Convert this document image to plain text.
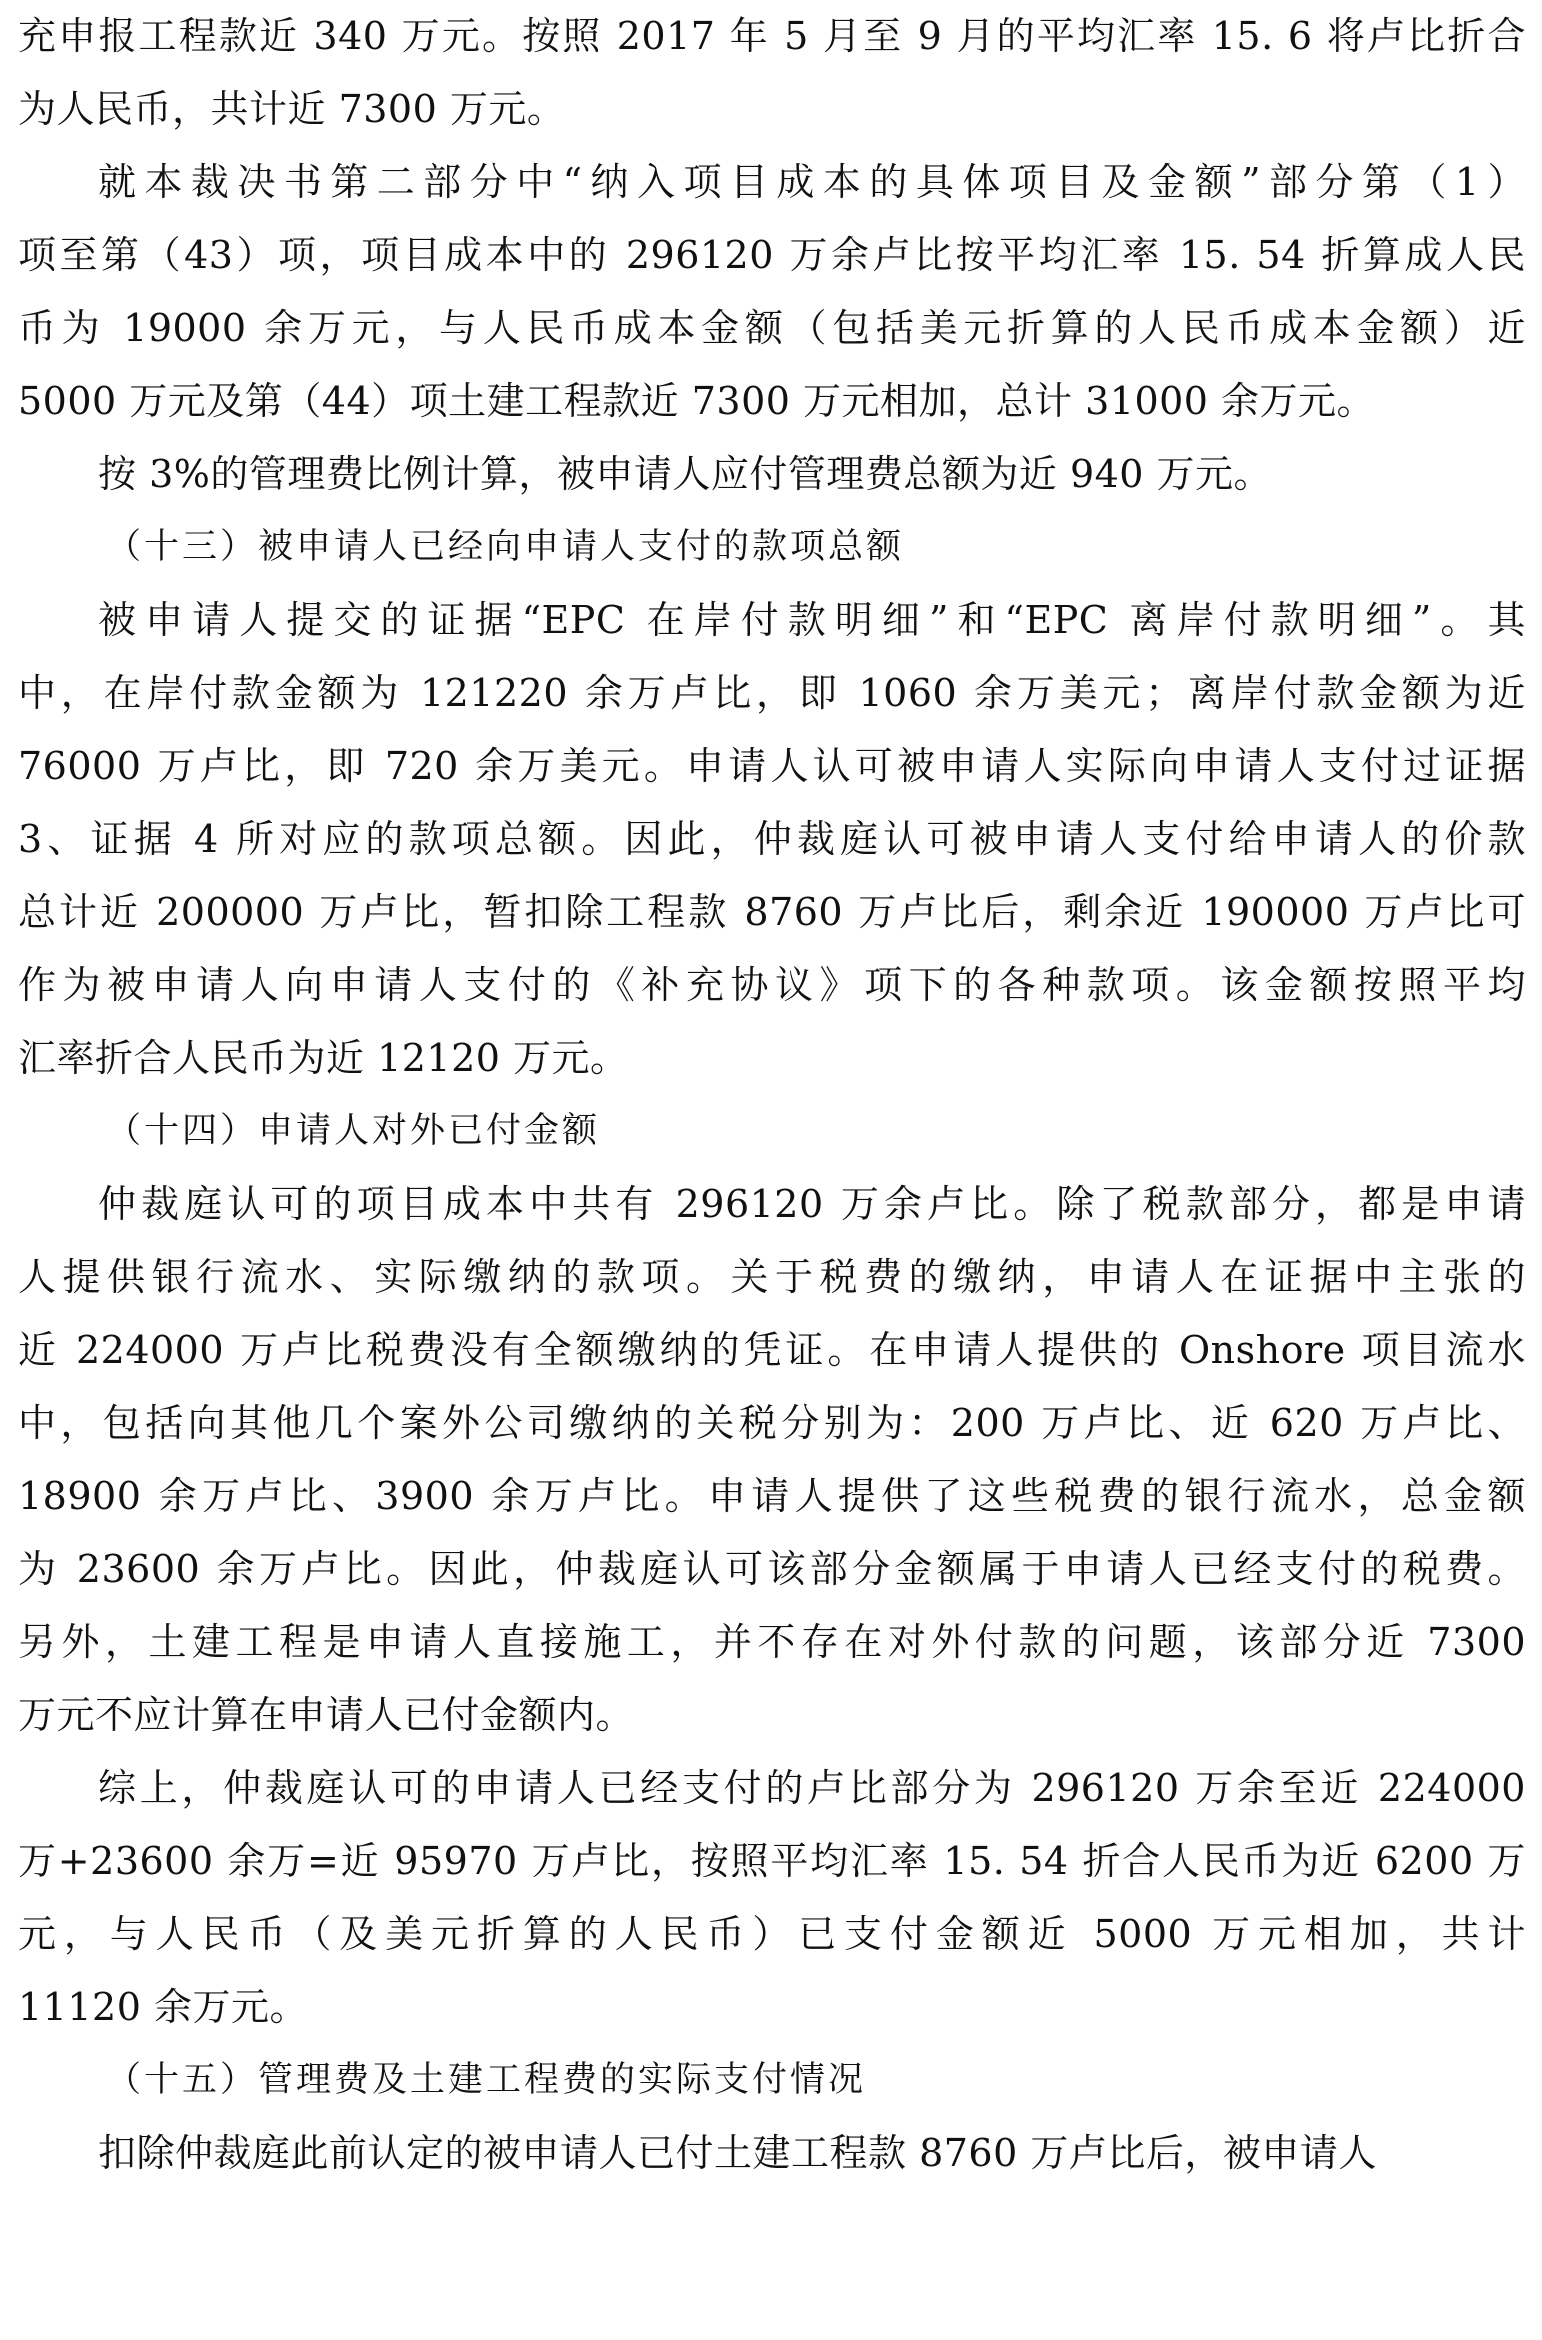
充申报工程款近 340 万元。按照 2017 年 5 月至 9 月的平均汇率 15. 6 将卢比折合
为人民币，共计近 7300 万元。
就本裁决书第二部分中“纳入项目成本的具体项目及金额”部分第（1）
项至第（43）项，项目成本中的 296120 万余卢比按平均汇率 15. 54 折算成人民
币为 19000 余万元，与人民币成本金额（包括美元折算的人民币成本金额）近
5000 万元及第（44）项土建工程款近 7300 万元相加，总计 31000 余万元。
按 3%的管理费比例计算，被申请人应付管理费总额为近 940 万元。
（十三）被申请人已经向申请人支付的款项总额
被申请人提交的证据“EPC 在岸付款明细”和“EPC 离岸付款明细”。其
中，在岸付款金额为 121220 余万卢比，即 1060 余万美元；离岸付款金额为近
76000 万卢比，即 720 余万美元。申请人认可被申请人实际向申请人支付过证据
3、证据 4 所对应的款项总额。因此，仲裁庭认可被申请人支付给申请人的价款
总计近 200000 万卢比，暂扣除工程款 8760 万卢比后，剩余近 190000 万卢比可
作为被申请人向申请人支付的《补充协议》项下的各种款项。该金额按照平均
汇率折合人民币为近 12120 万元。
（十四）申请人对外已付金额
仲裁庭认可的项目成本中共有 296120 万余卢比。除了税款部分，都是申请
人提供银行流水、实际缴纳的款项。关于税费的缴纳，申请人在证据中主张的
近 224000 万卢比税费没有全额缴纳的凭证。在申请人提供的 Onshore 项目流水
中，包括向其他几个案外公司缴纳的关税分别为：200 万卢比、近 620 万卢比、
18900 余万卢比、3900 余万卢比。申请人提供了这些税费的银行流水，总金额
为 23600 余万卢比。因此，仲裁庭认可该部分金额属于申请人已经支付的税费。
另外，土建工程是申请人直接施工，并不存在对外付款的问题，该部分近 7300
万元不应计算在申请人已付金额内。
综上，仲裁庭认可的申请人已经支付的卢比部分为 296120 万余至近 224000
万+23600 余万=近 95970 万卢比，按照平均汇率 15. 54 折合人民币为近 6200 万
元，与人民币（及美元折算的人民币）已支付金额近 5000 万元相加，共计
11120 余万元。
（十五）管理费及土建工程费的实际支付情况
扣除仲裁庭此前认定的被申请人已付土建工程款 8760 万卢比后，被申请人
